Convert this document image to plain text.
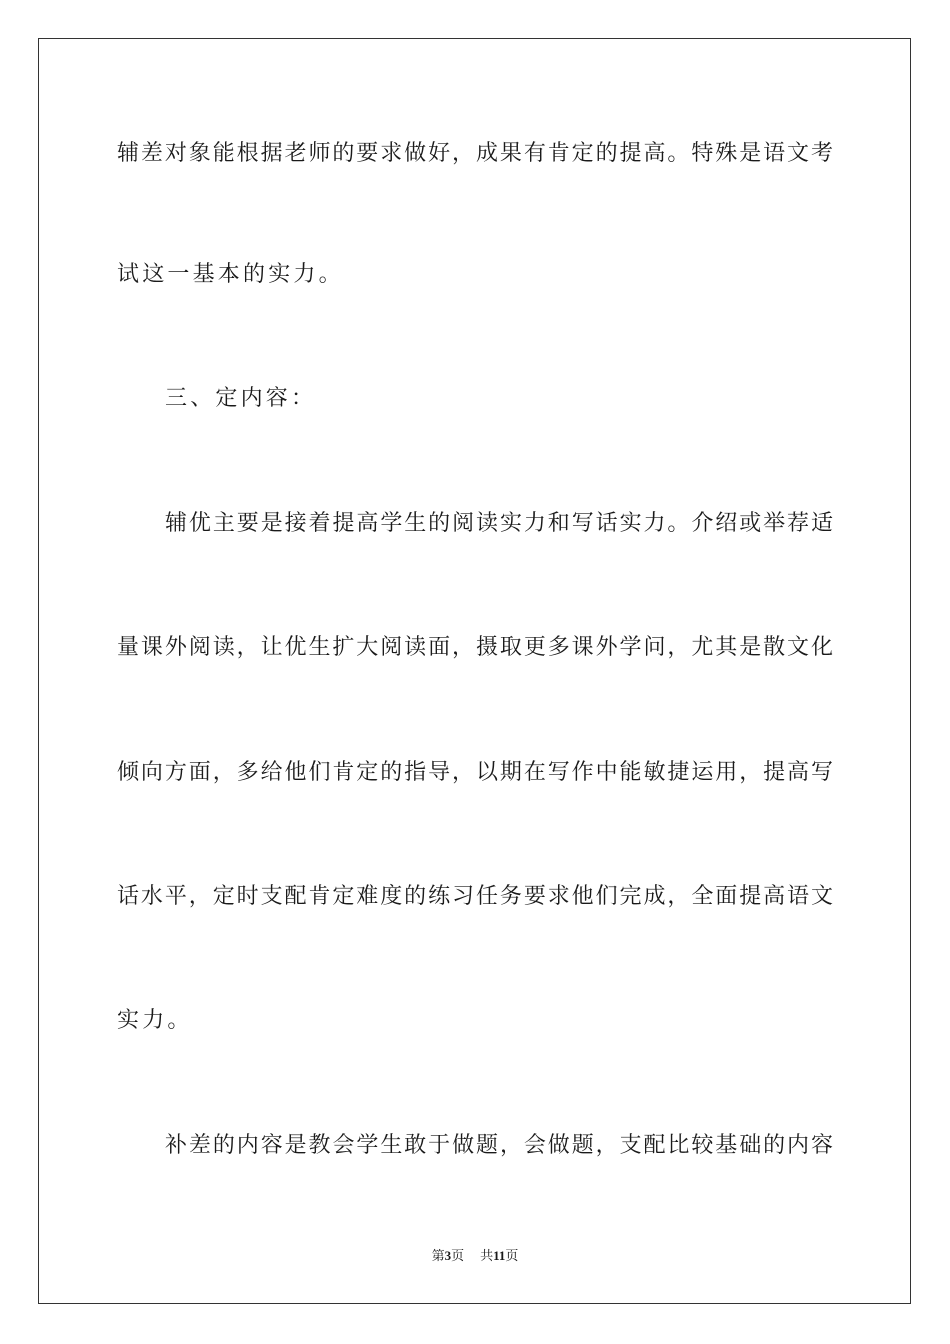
辅差对象能根据老师的要求做好，成果有肯定的提高。特殊是语文考
试这一基本的实力。
三、定内容：
辅优主要是接着提高学生的阅读实力和写话实力。介绍或举荐适
量课外阅读，让优生扩大阅读面，摄取更多课外学问，尤其是散文化
倾向方面，多给他们肯定的指导，以期在写作中能敏捷运用，提高写
话水平，定时支配肯定难度的练习任务要求他们完成，全面提高语文
实力。
补差的内容是教会学生敢于做题，会做题，支配比较基础的内容
第3页 共11页
